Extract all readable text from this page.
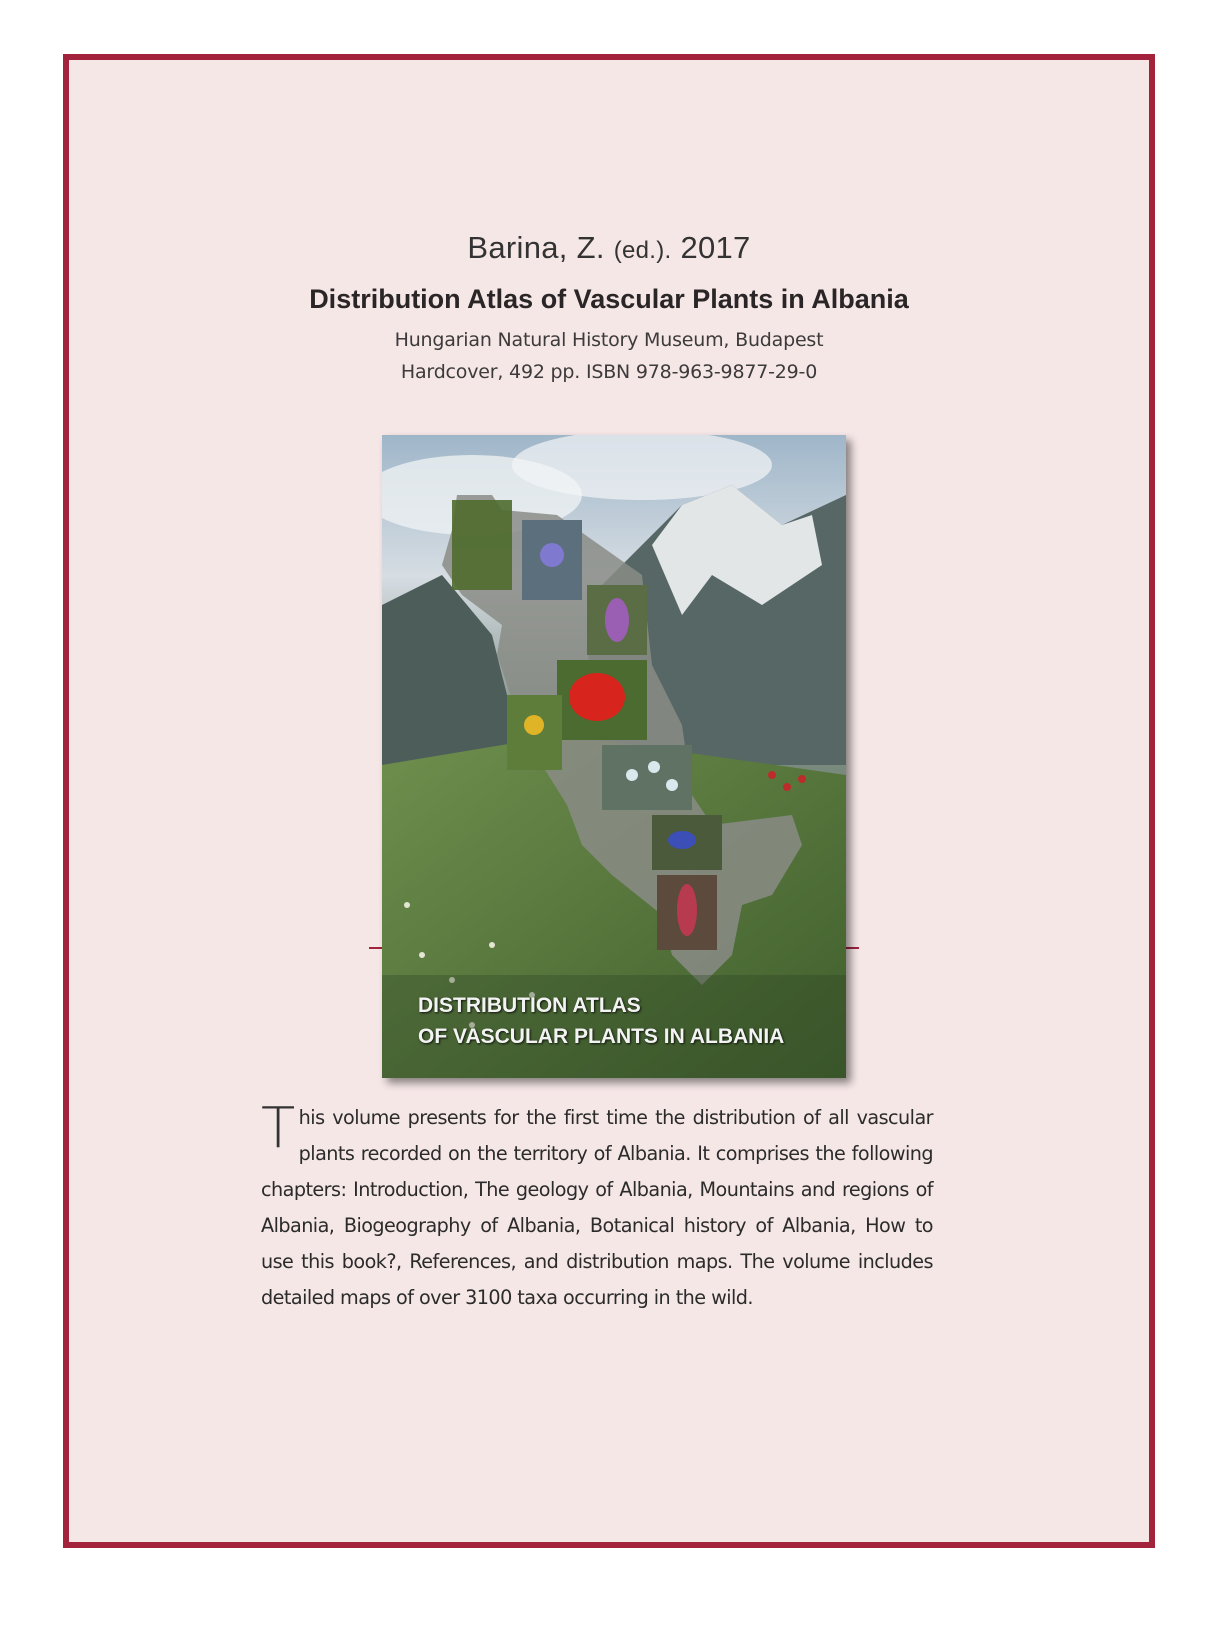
Barina, Z. (ed.). 2017
Distribution Atlas of Vascular Plants in Albania
Hungarian Natural History Museum, Budapest
Hardcover, 492 pp. ISBN 978-963-9877-29-0
DISTRIBUTION ATLAS
OF VASCULAR PLANTS IN ALBANIA
T his volume presents for the first time the distribution of all vascular plants recorded on the territory of Albania. It comprises the following chapters: Introduction, The geology of Albania, Mountains and regions of Albania, Biogeography of Albania, Botanical history of Albania, How to use this book?, References, and distribution maps. The volume includes detailed maps of over 3100 taxa occurring in the wild.
